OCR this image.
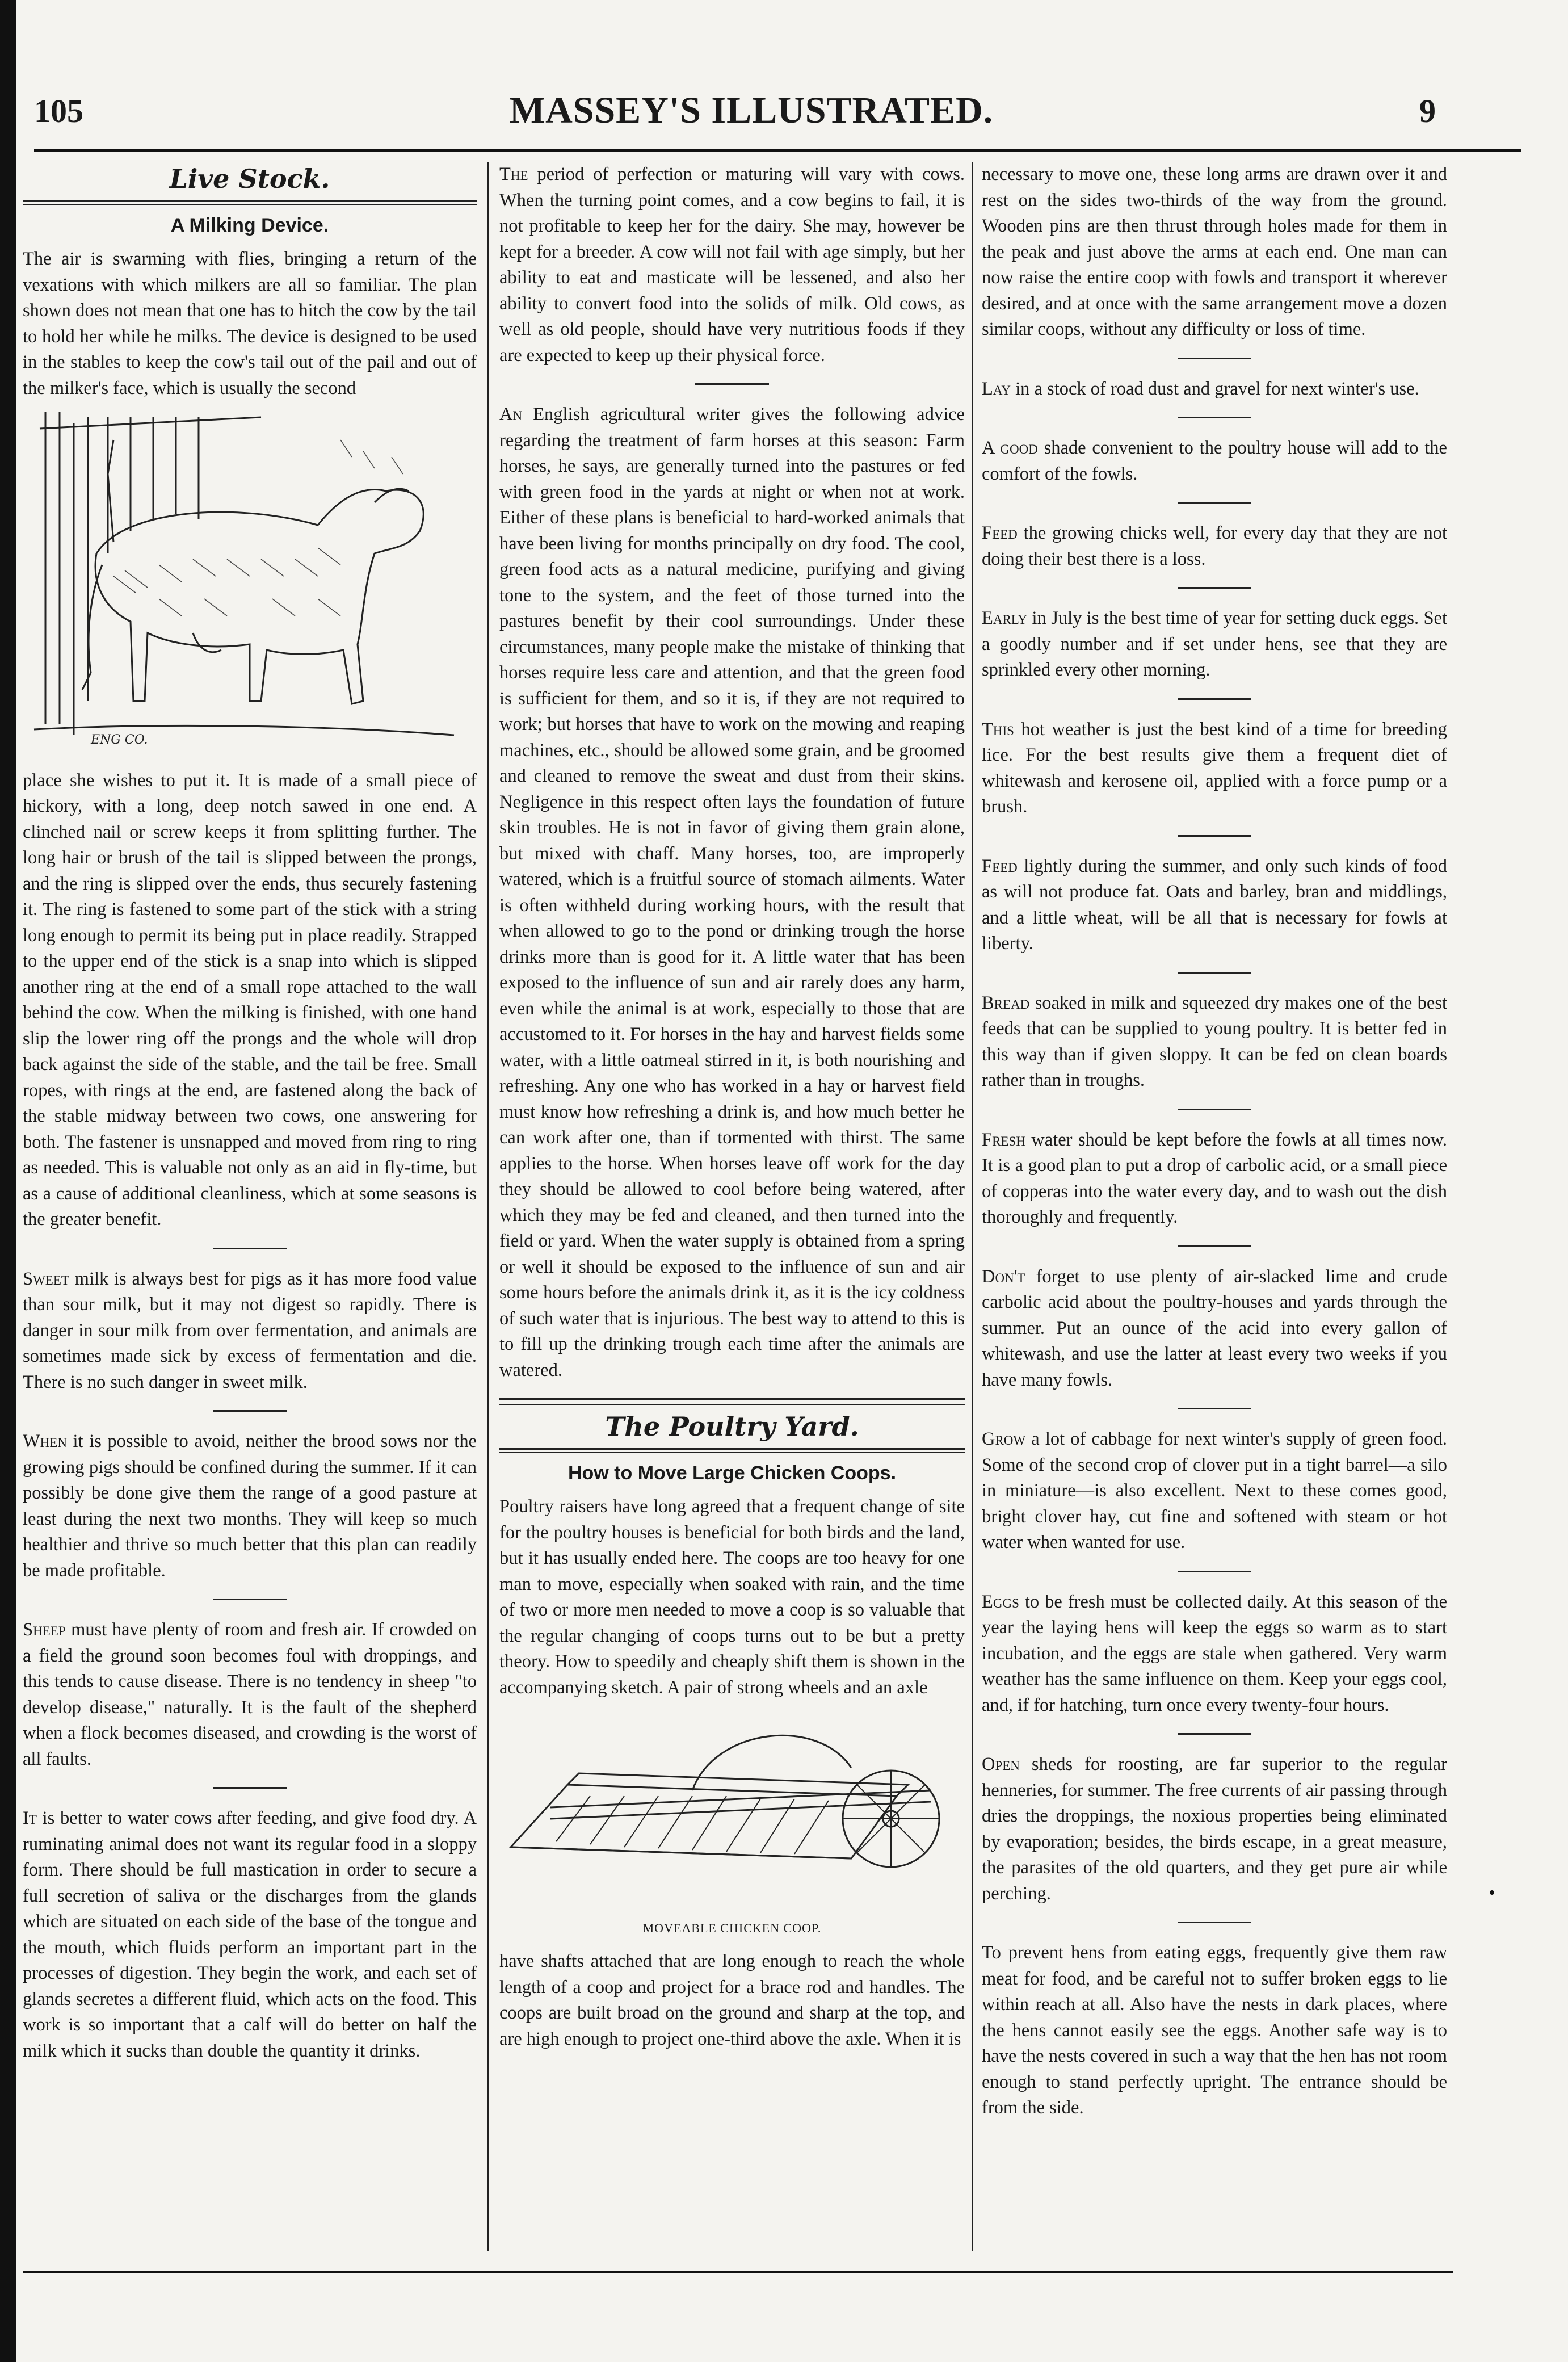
105	MASSEY'S ILLUSTRATED.	9
Live Stock.
A Milking Device.

The air is swarming with flies, bringing a return of the vexations with which milkers are all so familiar. The plan shown does not mean that one has to hitch the cow by the tail to hold her while he milks. The device is designed to be used in the stables to keep the cow's tail out of the pail and out of the milker's face, which is usually the second

ENG CO.

place she wishes to put it. It is made of a small piece of hickory, with a long, deep notch sawed in one end. A clinched nail or screw keeps it from splitting further. The long hair or brush of the tail is slipped between the prongs, and the ring is slipped over the ends, thus securely fastening it. The ring is fastened to some part of the stick with a string long enough to permit its being put in place readily. Strapped to the upper end of the stick is a snap into which is slipped another ring at the end of a small rope attached to the wall behind the cow. When the milking is finished, with one hand slip the lower ring off the prongs and the whole will drop back against the side of the stable, and the tail be free. Small ropes, with rings at the end, are fastened along the back of the stable midway between two cows, one answering for both. The fastener is unsnapped and moved from ring to ring as needed. This is valuable not only as an aid in fly-time, but as a cause of additional cleanliness, which at some seasons is the greater benefit.

Sweet milk is always best for pigs as it has more food value than sour milk, but it may not digest so rapidly. There is danger in sour milk from over fermentation, and animals are sometimes made sick by excess of fermentation and die. There is no such danger in sweet milk.

When it is possible to avoid, neither the brood sows nor the growing pigs should be confined during the summer. If it can possibly be done give them the range of a good pasture at least during the next two months. They will keep so much healthier and thrive so much better that this plan can readily be made profitable.

Sheep must have plenty of room and fresh air. If crowded on a field the ground soon becomes foul with droppings, and this tends to cause disease. There is no tendency in sheep "to develop disease," naturally. It is the fault of the shepherd when a flock becomes diseased, and crowding is the worst of all faults.

It is better to water cows after feeding, and give food dry. A ruminating animal does not want its regular food in a sloppy form. There should be full mastication in order to secure a full secretion of saliva or the discharges from the glands which are situated on each side of the base of the tongue and the mouth, which fluids perform an important part in the processes of digestion. They begin the work, and each set of glands secretes a different fluid, which acts on the food. This work is so important that a calf will do better on half the milk which it sucks than double the quantity it drinks.

The period of perfection or maturing will vary with cows. When the turning point comes, and a cow begins to fail, it is not profitable to keep her for the dairy. She may, however be kept for a breeder. A cow will not fail with age simply, but her ability to eat and masticate will be lessened, and also her ability to convert food into the solids of milk. Old cows, as well as old people, should have very nutritious foods if they are expected to keep up their physical force.

An English agricultural writer gives the following advice regarding the treatment of farm horses at this season: Farm horses, he says, are generally turned into the pastures or fed with green food in the yards at night or when not at work. Either of these plans is beneficial to hard-worked animals that have been living for months principally on dry food. The cool, green food acts as a natural medicine, purifying and giving tone to the system, and the feet of those turned into the pastures benefit by their cool surroundings. Under these circumstances, many people make the mistake of thinking that horses require less care and attention, and that the green food is sufficient for them, and so it is, if they are not required to work; but horses that have to work on the mowing and reaping machines, etc., should be allowed some grain, and be groomed and cleaned to remove the sweat and dust from their skins. Negligence in this respect often lays the foundation of future skin troubles. He is not in favor of giving them grain alone, but mixed with chaff. Many horses, too, are improperly watered, which is a fruitful source of stomach ailments. Water is often withheld during working hours, with the result that when allowed to go to the pond or drinking trough the horse drinks more than is good for it. A little water that has been exposed to the influence of sun and air rarely does any harm, even while the animal is at work, especially to those that are accustomed to it. For horses in the hay and harvest fields some water, with a little oatmeal stirred in it, is both nourishing and refreshing. Any one who has worked in a hay or harvest field must know how refreshing a drink is, and how much better he can work after one, than if tormented with thirst. The same applies to the horse. When horses leave off work for the day they should be allowed to cool before being watered, after which they may be fed and cleaned, and then turned into the field or yard. When the water supply is obtained from a spring or well it should be exposed to the influence of sun and air some hours before the animals drink it, as it is the icy coldness of such water that is injurious. The best way to attend to this is to fill up the drinking trough each time after the animals are watered.

The Poultry Yard.
How to Move Large Chicken Coops.

Poultry raisers have long agreed that a frequent change of site for the poultry houses is beneficial for both birds and the land, but it has usually ended here. The coops are too heavy for one man to move, especially when soaked with rain, and the time of two or more men needed to move a coop is so valuable that the regular changing of coops turns out to be but a pretty theory. How to speedily and cheaply shift them is shown in the accompanying sketch. A pair of strong wheels and an axle

MOVEABLE CHICKEN COOP.

have shafts attached that are long enough to reach the whole length of a coop and project for a brace rod and handles. The coops are built broad on the ground and sharp at the top, and are high enough to project one-third above the axle. When it is

necessary to move one, these long arms are drawn over it and rest on the sides two-thirds of the way from the ground. Wooden pins are then thrust through holes made for them in the peak and just above the arms at each end. One man can now raise the entire coop with fowls and transport it wherever desired, and at once with the same arrangement move a dozen similar coops, without any difficulty or loss of time.

Lay in a stock of road dust and gravel for next winter's use.

A good shade convenient to the poultry house will add to the comfort of the fowls.

Feed the growing chicks well, for every day that they are not doing their best there is a loss.

Early in July is the best time of year for setting duck eggs. Set a goodly number and if set under hens, see that they are sprinkled every other morning.

This hot weather is just the best kind of a time for breeding lice. For the best results give them a frequent diet of whitewash and kerosene oil, applied with a force pump or a brush.

Feed lightly during the summer, and only such kinds of food as will not produce fat. Oats and barley, bran and middlings, and a little wheat, will be all that is necessary for fowls at liberty.

Bread soaked in milk and squeezed dry makes one of the best feeds that can be supplied to young poultry. It is better fed in this way than if given sloppy. It can be fed on clean boards rather than in troughs.

Fresh water should be kept before the fowls at all times now. It is a good plan to put a drop of carbolic acid, or a small piece of copperas into the water every day, and to wash out the dish thoroughly and frequently.

Don't forget to use plenty of air-slacked lime and crude carbolic acid about the poultry-houses and yards through the summer. Put an ounce of the acid into every gallon of whitewash, and use the latter at least every two weeks if you have many fowls.

Grow a lot of cabbage for next winter's supply of green food. Some of the second crop of clover put in a tight barrel—a silo in miniature—is also excellent. Next to these comes good, bright clover hay, cut fine and softened with steam or hot water when wanted for use.

Eggs to be fresh must be collected daily. At this season of the year the laying hens will keep the eggs so warm as to start incubation, and the eggs are stale when gathered. Very warm weather has the same influence on them. Keep your eggs cool, and, if for hatching, turn once every twenty-four hours.

Open sheds for roosting, are far superior to the regular henneries, for summer. The free currents of air passing through dries the droppings, the noxious properties being eliminated by evaporation; besides, the birds escape, in a great measure, the parasites of the old quarters, and they get pure air while perching.

To prevent hens from eating eggs, frequently give them raw meat for food, and be careful not to suffer broken eggs to lie within reach at all. Also have the nests in dark places, where the hens cannot easily see the eggs. Another safe way is to have the nests covered in such a way that the hen has not room enough to stand perfectly upright. The entrance should be from the side.
